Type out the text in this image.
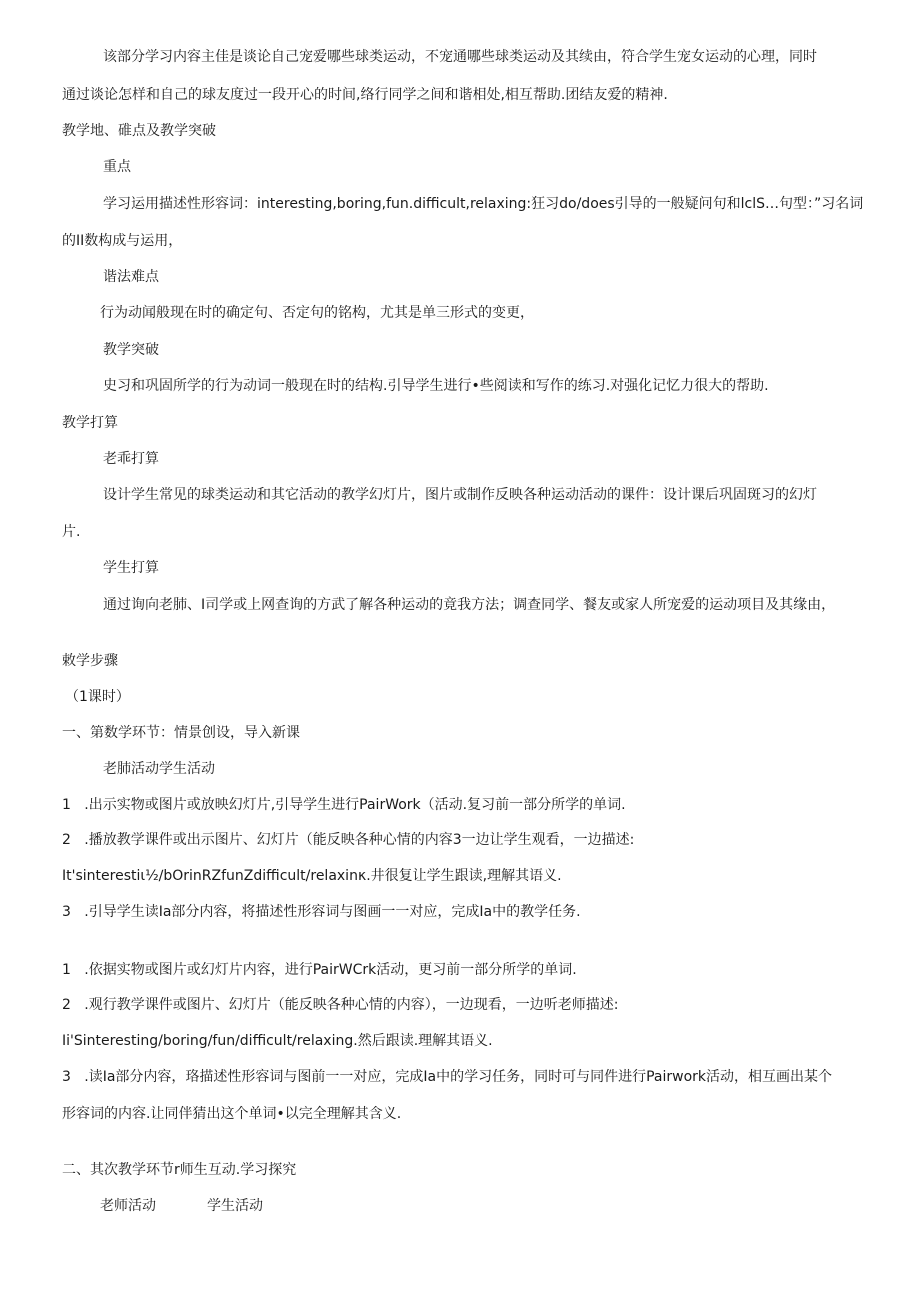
该部分学习内容主佳是谈论自己宠爱哪些球类运动，不宠通哪些球类运动及其续由，符合学生宠女运动的心理，同时
通过谈论怎样和自己的球友度过一段开心的时间,络行同学之间和谐相处,相互帮助.团结友爱的精神.
教学地、碓点及教学突破
重点
学习运用描述性形容词：interesting,boring,fun.difficult,relaxing:狂习do/does引导的一般疑问句和lclS…句型：”习名词
的II数构成与运用，
谐法难点
行为动闻般现在时的确定句、否定句的铭构，尤其是单三形式的变更，
教学突破
史习和巩固所学的行为动词一般现在时的结构.引导学生进行•些阅读和写作的练习.对强化记忆力很大的帮助.
教学打算
老乖打算
设计学生常见的球类运动和其它活动的教学幻灯片，图片或制作反映各种运动活动的课件：设计课后巩固斑习的幻灯
片.
学生打算
通过询向老肺、I司学或上网查询的方武了解各种运动的竟我方法；调查同学、餐友或家人所宠爱的运动项目及其缘由，
敕学步骤
（1课时）
一、第数学环节：情景创设，导入新课
老肺活动学生活动
1   .出示实物或图片或放映幻灯片,引导学生进行PairWork（活动.复习前一部分所学的单词.
2   .播放教学课件或出示图片、幻灯片（能反映各种心情的内容3一边让学生观看，一边描述:
It'sinterestiι½∕bOrinRZfunZdifficult/relaxinκ.井很复让学生跟读,理解其语义.
3   .引导学生读Ia部分内容，将描述性形容词与图画一一对应，完成Ia中的教学任务.
1   .依据实物或图片或幻灯片内容，进行PairWCrk活动，更习前一部分所学的单词.
2   .观行教学课件或图片、幻灯片（能反映各种心情的内容），一边现看，一边听老师描述:
Ii'Sinteresting/boring∕fun∕difficult/relaxing.然后跟读.理解其语义.
3   .读Ia部分内容，珞描述性形容词与图前一一对应，完成Ia中的学习任务，同时可与同件进行Pairwork活动，相互画出某个
形容词的内容.让同伴猜出这个单词•以完全理解其含义.
二、其次教学环节r师生互动.学习探究
老师活动	学生活动
